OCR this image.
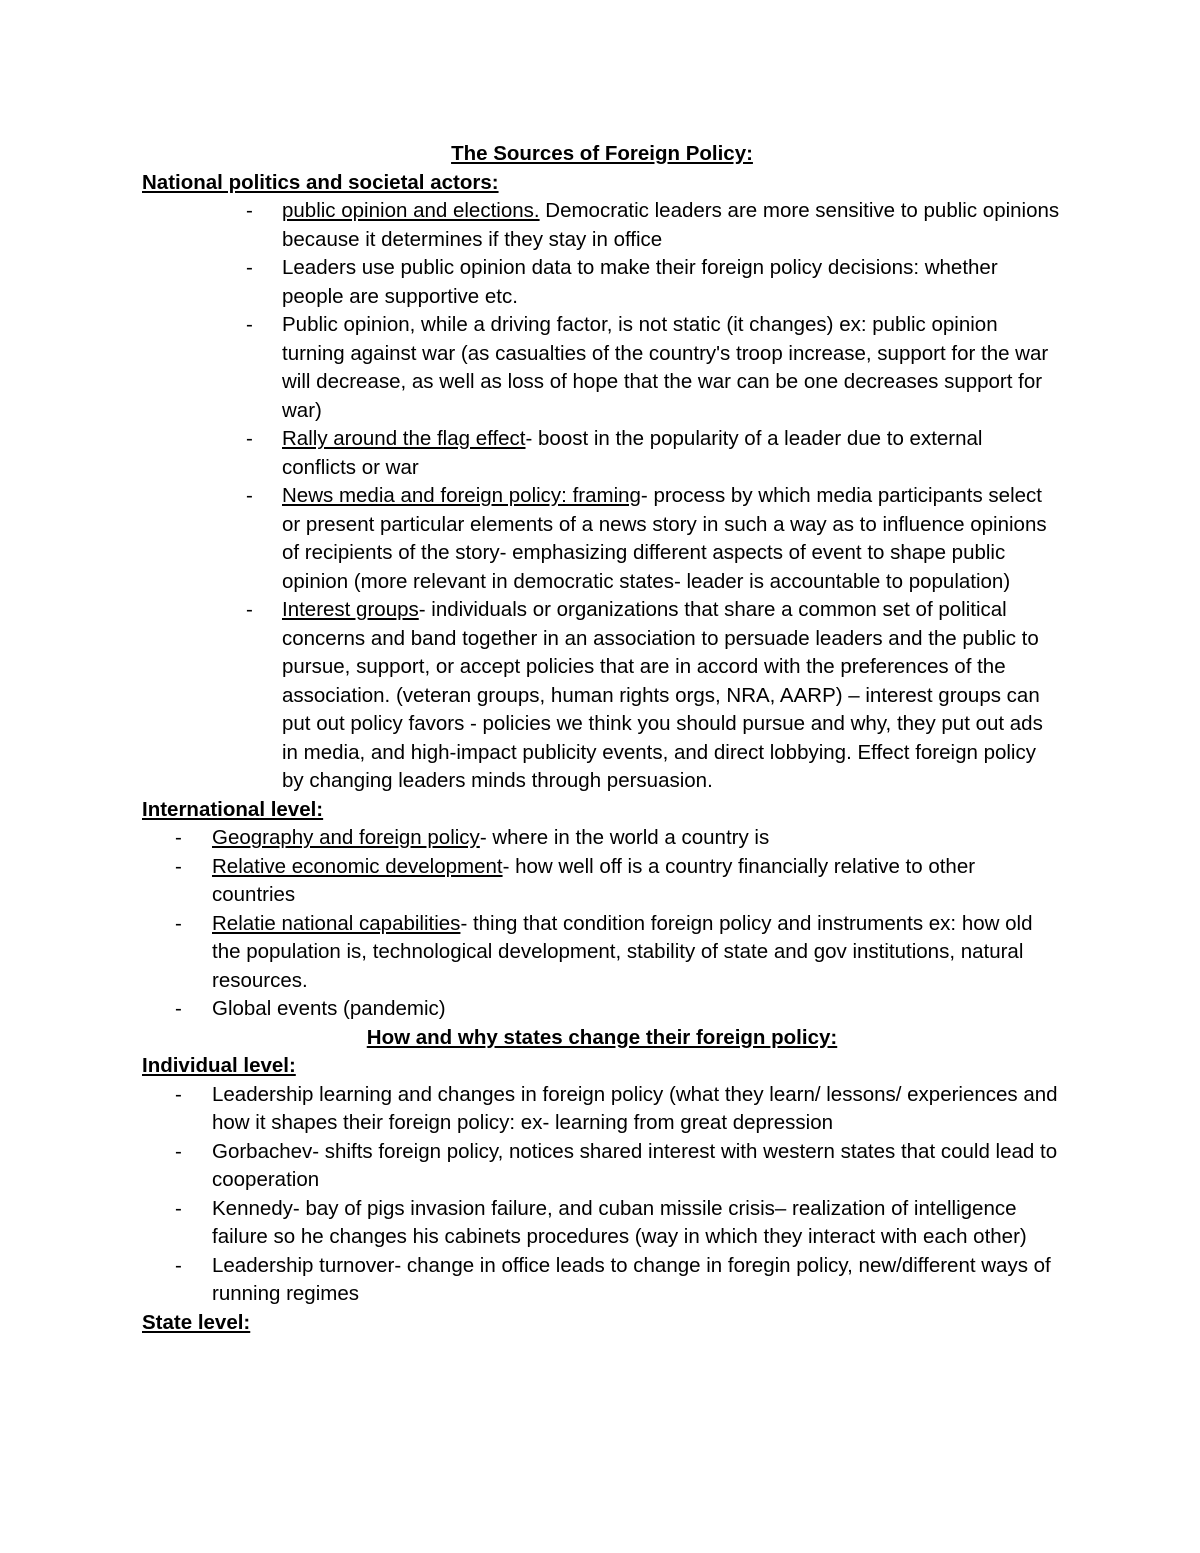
The Sources of Foreign Policy:

National politics and societal actors:

- public opinion and elections. Democratic leaders are more sensitive to public opinions because it determines if they stay in office
- Leaders use public opinion data to make their foreign policy decisions: whether people are supportive etc.
- Public opinion, while a driving factor, is not static (it changes) ex: public opinion turning against war (as casualties of the country's troop increase, support for the war will decrease, as well as loss of hope that the war can be one decreases support for war)
- Rally around the flag effect- boost in the popularity of a leader due to external conflicts or war
- News media and foreign policy: framing- process by which media participants select or present particular elements of a news story in such a way as to influence opinions of recipients of the story- emphasizing different aspects of event to shape public opinion (more relevant in democratic states- leader is accountable to population)
- Interest groups- individuals or organizations that share a common set of political concerns and band together in an association to persuade leaders and the public to pursue, support, or accept policies that are in accord with the preferences of the association. (veteran groups, human rights orgs, NRA, AARP) – interest groups can put out policy favors - policies we think you should pursue and why, they put out ads in media, and high-impact publicity events, and direct lobbying. Effect foreign policy by changing leaders minds through persuasion.

International level:

- Geography and foreign policy- where in the world a country is
- Relative economic development- how well off is a country financially relative to other countries
- Relatie national capabilities- thing that condition foreign policy and instruments ex: how old the population is, technological development, stability of state and gov institutions, natural resources.
- Global events (pandemic)

How and why states change their foreign policy:

Individual level:

- Leadership learning and changes in foreign policy (what they learn/ lessons/ experiences and how it shapes their foreign policy: ex- learning from great depression
- Gorbachev- shifts foreign policy, notices shared interest with western states that could lead to cooperation
- Kennedy- bay of pigs invasion failure, and cuban missile crisis– realization of intelligence failure so he changes his cabinets procedures (way in which they interact with each other)
- Leadership turnover- change in office leads to change in foregin policy, new/different ways of running regimes

State level:
